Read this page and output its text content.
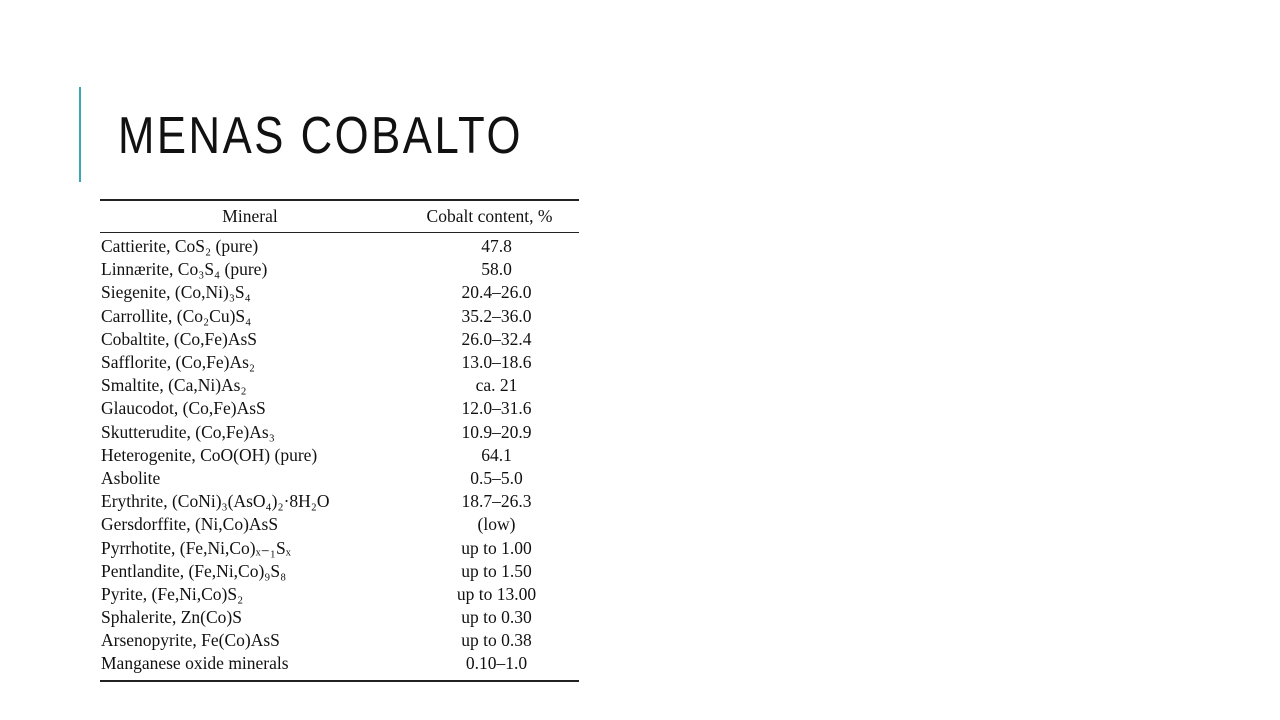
MENAS COBALTO
Mineral	Cobalt content, %
Cattierite, CoS₂ (pure)	47.8
Linnærite, Co₃S₄ (pure)	58.0
Siegenite, (Co,Ni)₃S₄	20.4–26.0
Carrollite, (Co₂Cu)S₄	35.2–36.0
Cobaltite, (Co,Fe)AsS	26.0–32.4
Safflorite, (Co,Fe)As₂	13.0–18.6
Smaltite, (Ca,Ni)As₂	ca. 21
Glaucodot, (Co,Fe)AsS	12.0–31.6
Skutterudite, (Co,Fe)As₃	10.9–20.9
Heterogenite, CoO(OH) (pure)	64.1
Asbolite	0.5–5.0
Erythrite, (CoNi)₃(AsO₄)₂·8H₂O	18.7–26.3
Gersdorffite, (Ni,Co)AsS	(low)
Pyrrhotite, (Fe,Ni,Co)ₓ₋₁Sₓ	up to 1.00
Pentlandite, (Fe,Ni,Co)₉S₈	up to 1.50
Pyrite, (Fe,Ni,Co)S₂	up to 13.00
Sphalerite, Zn(Co)S	up to 0.30
Arsenopyrite, Fe(Co)AsS	up to 0.38
Manganese oxide minerals	0.10–1.0
